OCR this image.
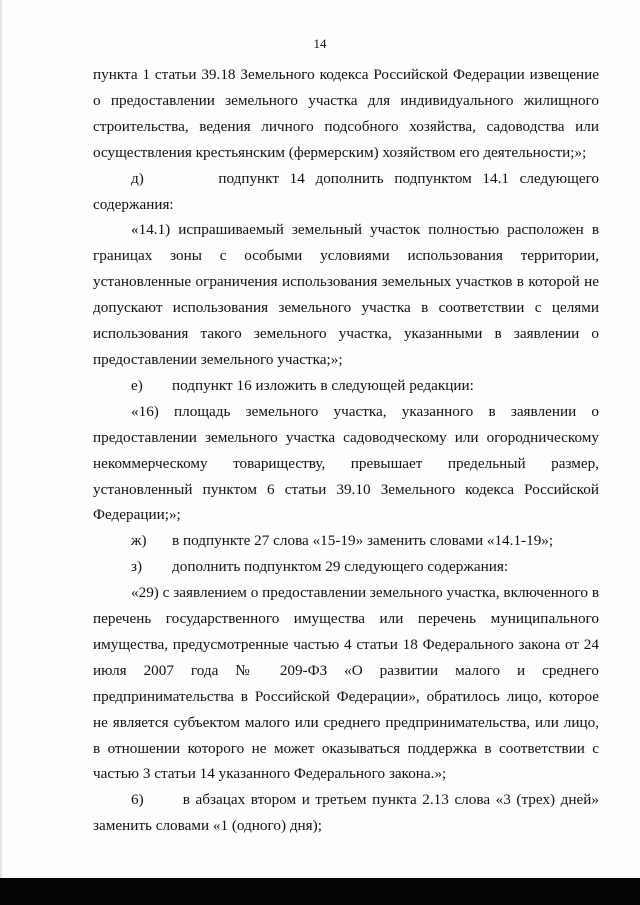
14

пункта 1 статьи 39.18 Земельного кодекса Российской Федерации извещение о предоставлении земельного участка для индивидуального жилищного строительства, ведения личного подсобного хозяйства, садоводства или осуществления крестьянским (фермерским) хозяйством его деятельности;»;

д)	подпункт 14 дополнить подпунктом 14.1 следующего содержания:

«14.1) испрашиваемый земельный участок полностью расположен в границах зоны с особыми условиями использования территории, установленные ограничения использования земельных участков в которой не допускают использования земельного участка в соответствии с целями использования такого земельного участка, указанными в заявлении о предоставлении земельного участка;»;

е)	подпункт 16 изложить в следующей редакции:

«16) площадь земельного участка, указанного в заявлении о предоставлении земельного участка садоводческому или огородническому некоммерческому товариществу, превышает предельный размер, установленный пунктом 6 статьи 39.10 Земельного кодекса Российской Федерации;»;

ж)	в подпункте 27 слова «15-19» заменить словами «14.1-19»;
з)	дополнить подпунктом 29 следующего содержания:

«29) с заявлением о предоставлении земельного участка, включенного в перечень государственного имущества или перечень муниципального имущества, предусмотренные частью 4 статьи 18 Федерального закона от 24 июля 2007 года № 209-ФЗ «О развитии малого и среднего предпринимательства в Российской Федерации», обратилось лицо, которое не является субъектом малого или среднего предпринимательства, или лицо, в отношении которого не может оказываться поддержка в соответствии с частью 3 статьи 14 указанного Федерального закона.»;

6)	в абзацах втором и третьем пункта 2.13 слова «3 (трех) дней» заменить словами «1 (одного) дня);
